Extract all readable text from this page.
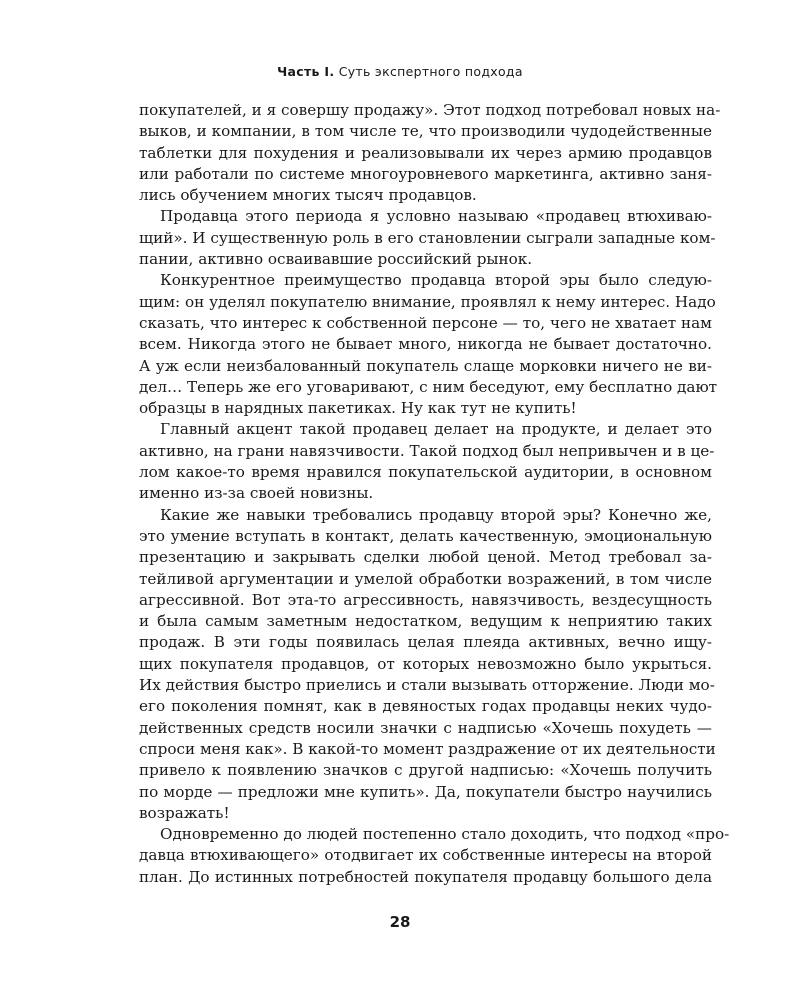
Часть I. Суть экспертного подхода
покупателей, и я совершу продажу». Этот подход потребовал новых на-
выков, и компании, в том числе те, что производили чудодейственные
таблетки для похудения и реализовывали их через армию продавцов
или работали по системе многоуровневого маркетинга, активно заня-
лись обучением многих тысяч продавцов.
Продавца этого периода я условно называю «продавец втюхиваю-
щий». И существенную роль в его становлении сыграли западные ком-
пании, активно осваивавшие российский рынок.
Конкурентное преимущество продавца второй эры было следую-
щим: он уделял покупателю внимание, проявлял к нему интерес. Надо
сказать, что интерес к собственной персоне — то, чего не хватает нам
всем. Никогда этого не бывает много, никогда не бывает достаточно.
А уж если неизбалованный покупатель слаще морковки ничего не ви-
дел… Теперь же его уговаривают, с ним беседуют, ему бесплатно дают
образцы в нарядных пакетиках. Ну как тут не купить!
Главный акцент такой продавец делает на продукте, и делает это
активно, на грани навязчивости. Такой подход был непривычен и в це-
лом какое-то время нравился покупательской аудитории, в основном
именно из-за своей новизны.
Какие же навыки требовались продавцу второй эры? Конечно же,
это умение вступать в контакт, делать качественную, эмоциональную
презентацию и закрывать сделки любой ценой. Метод требовал за-
тейливой аргументации и умелой обработки возражений, в том числе
агрессивной. Вот эта-то агрессивность, навязчивость, вездесущность
и была самым заметным недостатком, ведущим к неприятию таких
продаж. В эти годы появилась целая плеяда активных, вечно ищу-
щих покупателя продавцов, от которых невозможно было укрыться.
Их действия быстро приелись и стали вызывать отторжение. Люди мо-
его поколения помнят, как в девяностых годах продавцы неких чудо-
действенных средств носили значки с надписью «Хочешь похудеть —
спроси меня как». В какой-то момент раздражение от их деятельности
привело к появлению значков с другой надписью: «Хочешь получить
по морде — предложи мне купить». Да, покупатели быстро научились
возражать!
Одновременно до людей постепенно стало доходить, что подход «про-
давца втюхивающего» отодвигает их собственные интересы на второй
план. До истинных потребностей покупателя продавцу большого дела
28
